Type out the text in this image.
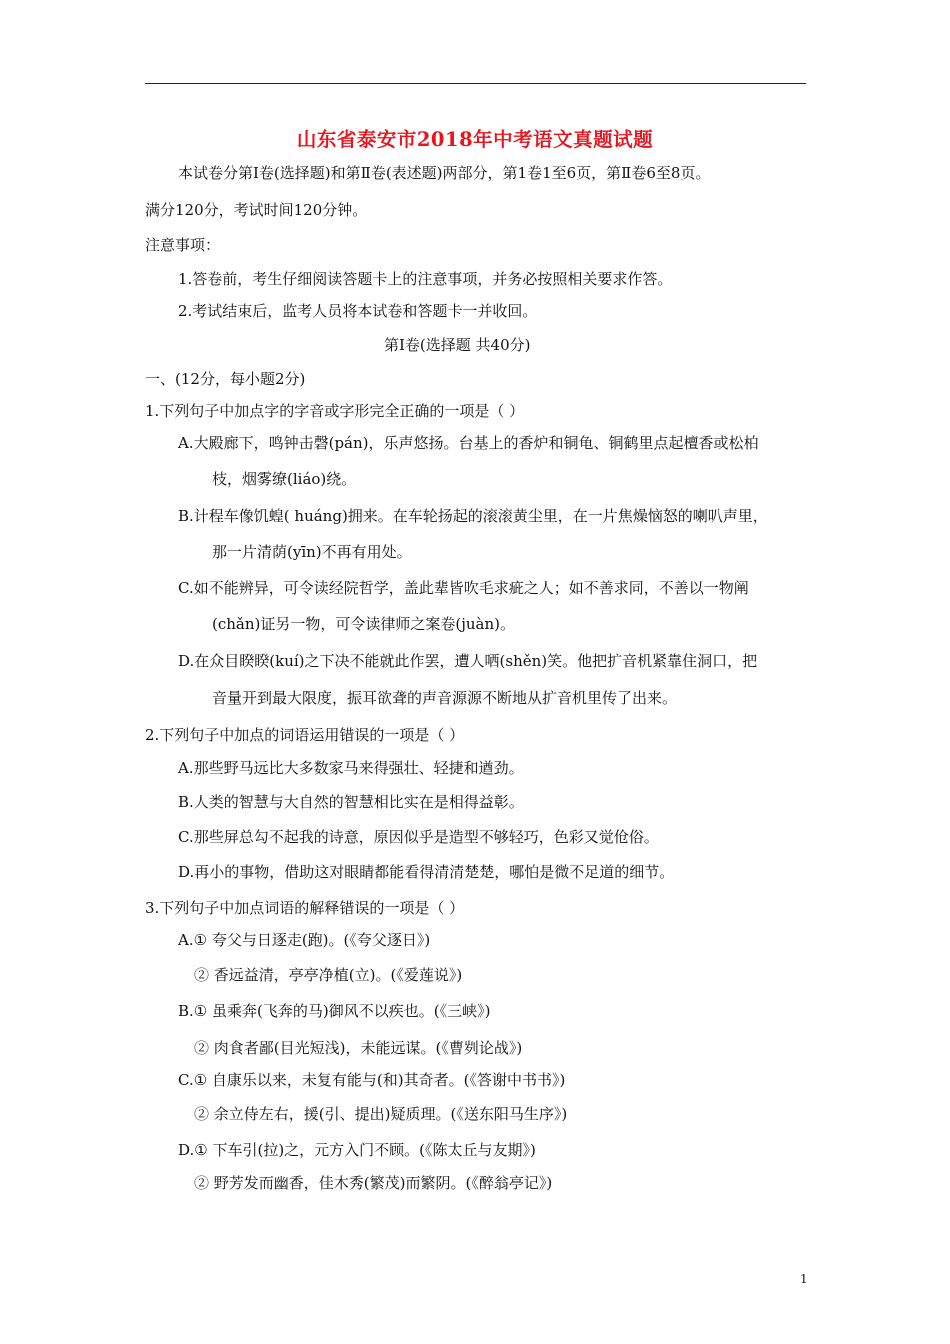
山东省泰安市2018年中考语文真题试题
本试卷分第Ⅰ卷(选择题)和第Ⅱ卷(表述题)两部分，第1卷1至6页，第Ⅱ卷6至8页。
满分120分，考试时间120分钟。
注意事项：
1.答卷前，考生仔细阅读答题卡上的注意事项，并务必按照相关要求作答。
2.考试结束后，监考人员将本试卷和答题卡一并收回。
第Ⅰ卷(选择题 共40分)
一、(12分，每小题2分)
1.下列句子中加点字的字音或字形完全正确的一项是（ ）
A.大殿廊下，鸣钟击磬(pán)，乐声悠扬。台基上的香炉和铜龟、铜鹤里点起檀香或松柏
枝，烟雾缭(liáo)绕。
B.计程车像饥蝗( huáng)拥来。在车轮扬起的滚滚黄尘里，在一片焦燥恼怒的喇叭声里，
那一片清荫(yīn)不再有用处。
C.如不能辨异，可令读经院哲学，盖此辈皆吹毛求疵之人；如不善求同，不善以一物阐
(chǎn)证另一物，可令读律师之案卷(juàn)。
D.在众目睽睽(kuí)之下决不能就此作罢，遭人哂(shěn)笑。他把扩音机紧靠住洞口，把
音量开到最大限度，振耳欲聋的声音源源不断地从扩音机里传了出来。
2.下列句子中加点的词语运用错误的一项是（ ）
A.那些野马远比大多数家马来得强壮、轻捷和遒劲。
B.人类的智慧与大自然的智慧相比实在是相得益彰。
C.那些屏总勾不起我的诗意，原因似乎是造型不够轻巧，色彩又觉伧俗。
D.再小的事物，借助这对眼睛都能看得清清楚楚，哪怕是微不足道的细节。
3.下列句子中加点词语的解释错误的一项是（ ）
A.① 夸父与日逐走(跑)。(《夸父逐日》)
② 香远益清，亭亭净植(立)。(《爱莲说》)
B.① 虽乘奔(飞奔的马)御风不以疾也。(《三峡》)
② 肉食者鄙(目光短浅)，未能远谋。(《曹刿论战》)
C.① 自康乐以来，未复有能与(和)其奇者。(《答谢中书书》)
② 余立侍左右，援(引、提出)疑质理。(《送东阳马生序》)
D.① 下车引(拉)之，元方入门不顾。(《陈太丘与友期》)
② 野芳发而幽香，佳木秀(繁茂)而繁阴。(《醉翁亭记》)
1
